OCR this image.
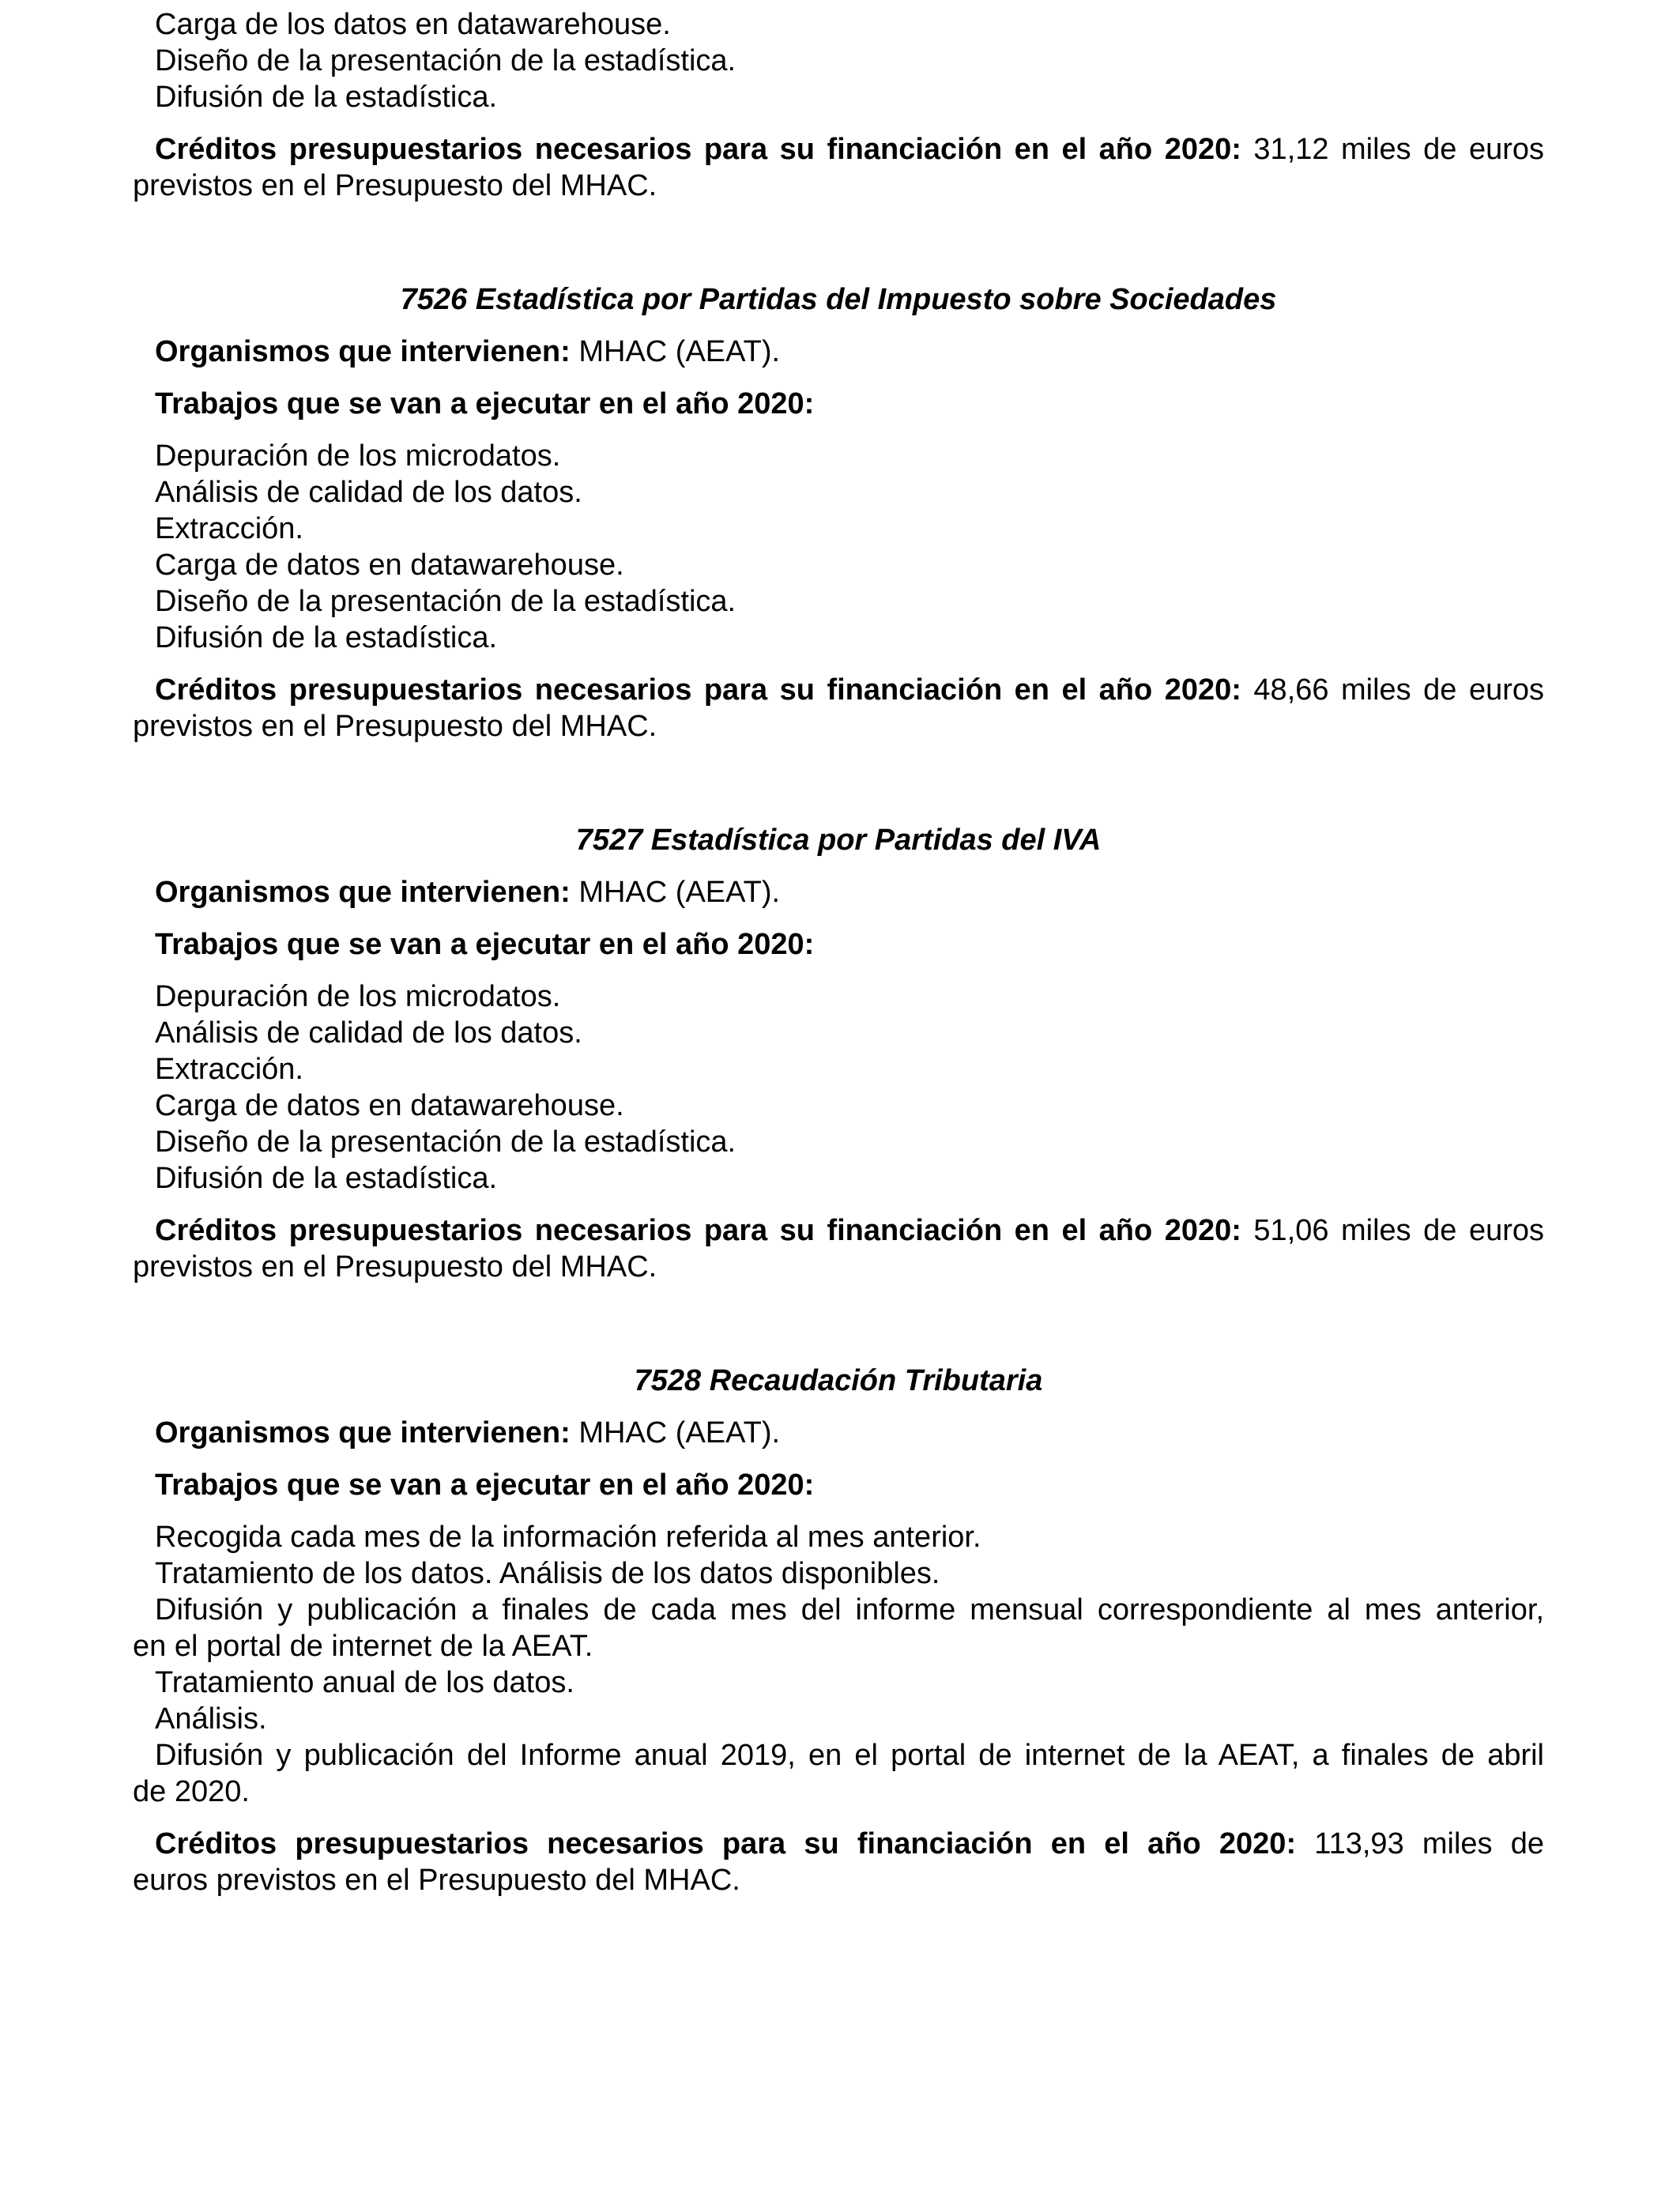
Carga de los datos en datawarehouse.
Diseño de la presentación de la estadística.
Difusión de la estadística.
Créditos presupuestarios necesarios para su financiación en el año 2020: 31,12 miles de euros
previstos en el Presupuesto del MHAC.
7526 Estadística por Partidas del Impuesto sobre Sociedades
Organismos que intervienen: MHAC (AEAT).
Trabajos que se van a ejecutar en el año 2020:
Depuración de los microdatos.
Análisis de calidad de los datos.
Extracción.
Carga de datos en datawarehouse.
Diseño de la presentación de la estadística.
Difusión de la estadística.
Créditos presupuestarios necesarios para su financiación en el año 2020: 48,66 miles de euros
previstos en el Presupuesto del MHAC.
7527 Estadística por Partidas del IVA
Organismos que intervienen: MHAC (AEAT).
Trabajos que se van a ejecutar en el año 2020:
Depuración de los microdatos.
Análisis de calidad de los datos.
Extracción.
Carga de datos en datawarehouse.
Diseño de la presentación de la estadística.
Difusión de la estadística.
Créditos presupuestarios necesarios para su financiación en el año 2020: 51,06 miles de euros
previstos en el Presupuesto del MHAC.
7528 Recaudación Tributaria
Organismos que intervienen: MHAC (AEAT).
Trabajos que se van a ejecutar en el año 2020:
Recogida cada mes de la información referida al mes anterior.
Tratamiento de los datos. Análisis de los datos disponibles.
Difusión y publicación a finales de cada mes del informe mensual correspondiente al mes anterior,
en el portal de internet de la AEAT.
Tratamiento anual de los datos.
Análisis.
Difusión y publicación del Informe anual 2019, en el portal de internet de la AEAT, a finales de abril
de 2020.
Créditos presupuestarios necesarios para su financiación en el año 2020: 113,93 miles de
euros previstos en el Presupuesto del MHAC.
